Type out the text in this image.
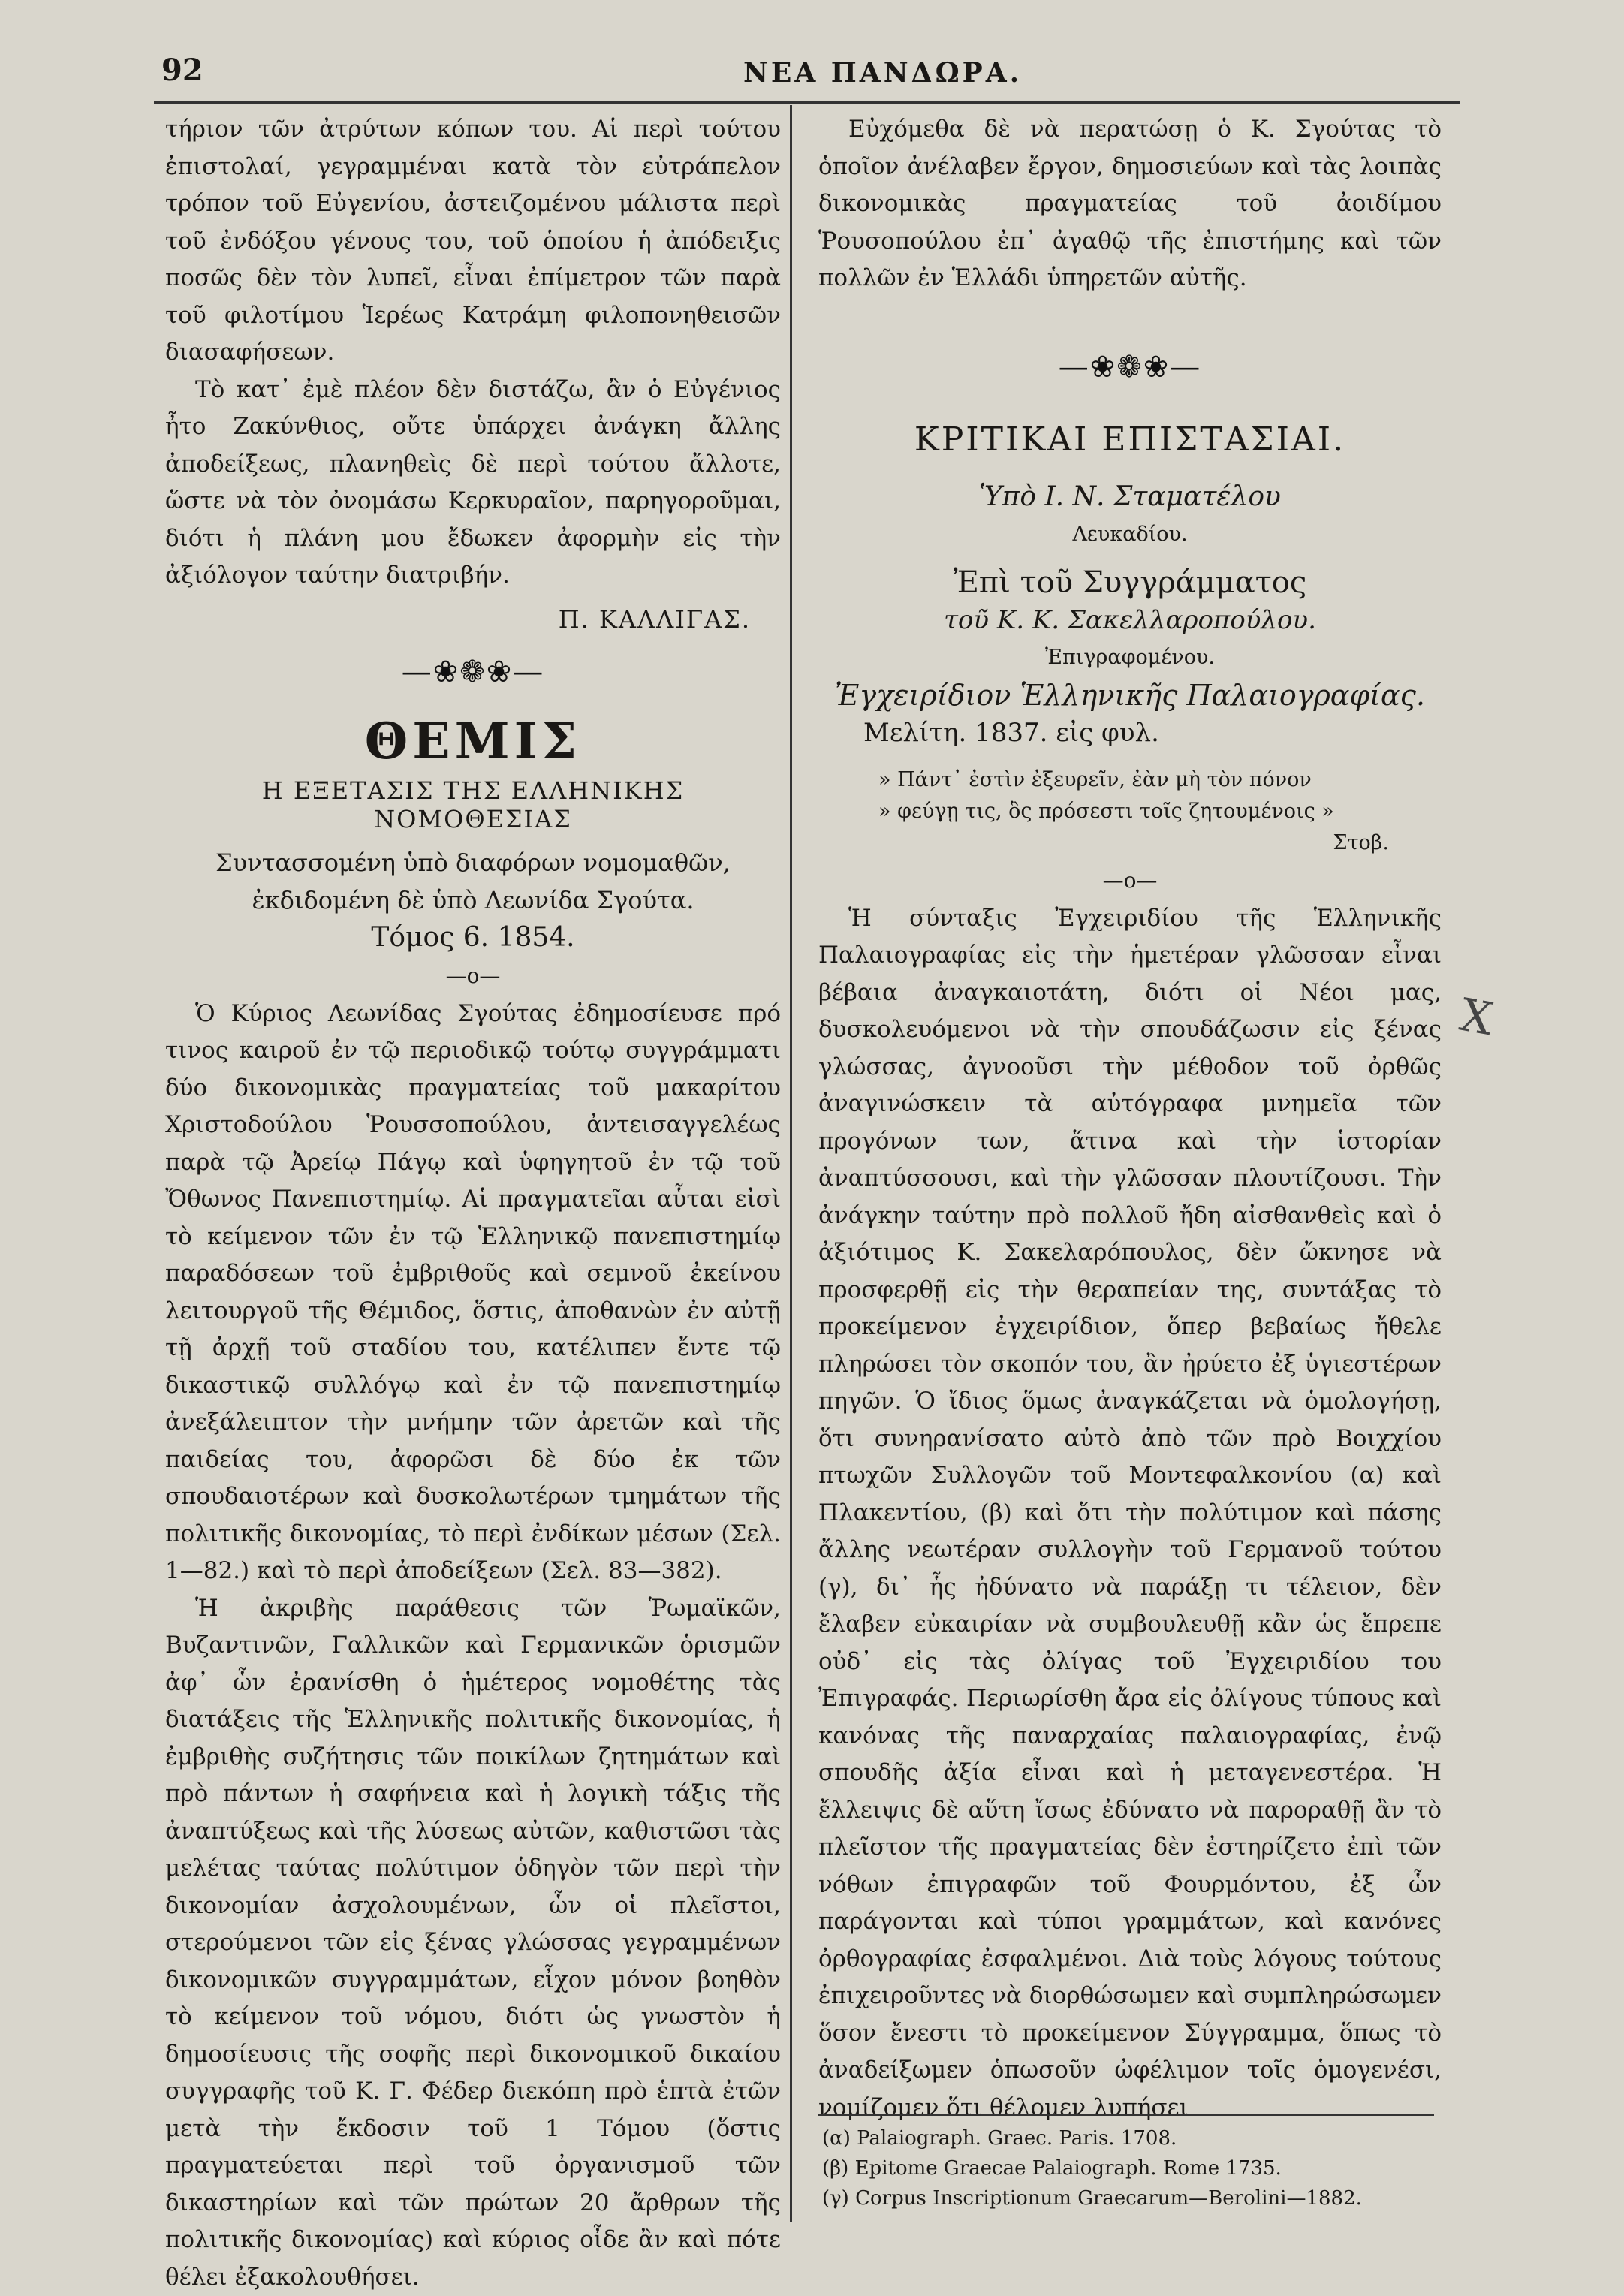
92	ΝΕΑ ΠΑΝΔΩΡΑ.

τήριον τῶν ἀτρύτων κόπων του. Αἱ περὶ τούτου ἐπιστολαί, γεγραμμέναι κατὰ τὸν εὐτράπελον τρόπον τοῦ Εὐγενίου, ἀστειζομένου μάλιστα περὶ τοῦ ἐνδόξου γένους του, τοῦ ὁποίου ἡ ἀπόδειξις ποσῶς δὲν τὸν λυπεῖ, εἶναι ἐπίμετρον τῶν παρὰ τοῦ φιλοτίμου Ἱερέως Κατράμη φιλοπονηθεισῶν διασαφήσεων.

Τὸ κατ᾽ ἐμὲ πλέον δὲν διστάζω, ἂν ὁ Εὐγένιος ἦτο Ζακύνθιος, οὔτε ὑπάρχει ἀνάγκη ἄλλης ἀποδείξεως, πλανηθεὶς δὲ περὶ τούτου ἄλλοτε, ὥστε νὰ τὸν ὀνομάσω Κερκυραῖον, παρηγοροῦμαι, διότι ἡ πλάνη μου ἔδωκεν ἀφορμὴν εἰς τὴν ἀξιόλογον ταύτην διατριβήν.

Π. ΚΑΛΛΙΓΑΣ.
—❀❁❀—
ΘΕΜΙΣ
Η ΕΞΕΤΑΣΙΣ ΤΗΣ ΕΛΛΗΝΙΚΗΣ ΝΟΜΟΘΕΣΙΑΣ
Συντασσομένη ὑπὸ διαφόρων νομομαθῶν,
ἐκδιδομένη δὲ ὑπὸ Λεωνίδα Σγούτα.
Τόμος 6. 1854.
—o—

Ὁ Κύριος Λεωνίδας Σγούτας ἐδημοσίευσε πρό τινος καιροῦ ἐν τῷ περιοδικῷ τούτῳ συγγράμματι δύο δικονομικὰς πραγματείας τοῦ μακαρίτου Χριστοδούλου Ῥουσσοπούλου, ἀντεισαγγελέως παρὰ τῷ Ἀρείῳ Πάγῳ καὶ ὑφηγητοῦ ἐν τῷ τοῦ Ὄθωνος Πανεπιστημίῳ. Αἱ πραγματεῖαι αὗται εἰσὶ τὸ κείμενον τῶν ἐν τῷ Ἑλληνικῷ πανεπιστημίῳ παραδόσεων τοῦ ἐμβριθοῦς καὶ σεμνοῦ ἐκείνου λειτουργοῦ τῆς Θέμιδος, ὅστις, ἀποθανὼν ἐν αὐτῇ τῇ ἀρχῇ τοῦ σταδίου του, κατέλιπεν ἔντε τῷ δικαστικῷ συλλόγῳ καὶ ἐν τῷ πανεπιστημίῳ ἀνεξάλειπτον τὴν μνήμην τῶν ἀρετῶν καὶ τῆς παιδείας του, ἀφορῶσι δὲ δύο ἐκ τῶν σπουδαιοτέρων καὶ δυσκολωτέρων τμημάτων τῆς πολιτικῆς δικονομίας, τὸ περὶ ἐνδίκων μέσων (Σελ. 1—82.) καὶ τὸ περὶ ἀποδείξεων (Σελ. 83—382).

Ἡ ἀκριβὴς παράθεσις τῶν Ῥωμαϊκῶν, Βυζαντινῶν, Γαλλικῶν καὶ Γερμανικῶν ὁρισμῶν ἀφ᾽ ὧν ἐρανίσθη ὁ ἡμέτερος νομοθέτης τὰς διατάξεις τῆς Ἑλληνικῆς πολιτικῆς δικονομίας, ἡ ἐμβριθὴς συζήτησις τῶν ποικίλων ζητημάτων καὶ πρὸ πάντων ἡ σαφήνεια καὶ ἡ λογικὴ τάξις τῆς ἀναπτύξεως καὶ τῆς λύσεως αὐτῶν, καθιστῶσι τὰς μελέτας ταύτας πολύτιμον ὁδηγὸν τῶν περὶ τὴν δικονομίαν ἀσχολουμένων, ὧν οἱ πλεῖστοι, στερούμενοι τῶν εἰς ξένας γλώσσας γεγραμμένων δικονομικῶν συγγραμμάτων, εἶχον μόνον βοηθὸν τὸ κείμενον τοῦ νόμου, διότι ὡς γνωστὸν ἡ δημοσίευσις τῆς σοφῆς περὶ δικονομικοῦ δικαίου συγγραφῆς τοῦ Κ. Γ. Φέδερ διεκόπη πρὸ ἑπτὰ ἐτῶν μετὰ τὴν ἔκδοσιν τοῦ 1 Τόμου (ὅστις πραγματεύεται περὶ τοῦ ὀργανισμοῦ τῶν δικαστηρίων καὶ τῶν πρώτων 20 ἄρθρων τῆς πολιτικῆς δικονομίας) καὶ κύριος οἶδε ἂν καὶ πότε θέλει ἐξακολουθήσει.

Εὐχόμεθα δὲ νὰ περατώσῃ ὁ Κ. Σγούτας τὸ ὁποῖον ἀνέλαβεν ἔργον, δημοσιεύων καὶ τὰς λοιπὰς δικονομικὰς πραγματείας τοῦ ἀοιδίμου Ῥουσοπούλου ἐπ᾽ ἀγαθῷ τῆς ἐπιστήμης καὶ τῶν πολλῶν ἐν Ἑλλάδι ὑπηρετῶν αὐτῆς.

—❀❁❀—
ΚΡΙΤΙΚΑΙ ΕΠΙΣΤΑΣΙΑΙ.
Ὑπὸ Ι. Ν. Σταματέλου
Λευκαδίου.
Ἐπὶ τοῦ Συγγράμματος
τοῦ Κ. Κ. Σακελλαροπούλου.
Ἐπιγραφομένου.
Ἐγχειρίδιον Ἑλληνικῆς Παλαιογραφίας.
Μελίτη. 1837. εἰς φυλ.
» Πάντ᾽ ἐστὶν ἐξευρεῖν, ἐὰν μὴ τὸν πόνον
» φεύγῃ τις, ὃς πρόσεστι τοῖς ζητουμένοις »
Στοβ.
—o—

Ἡ σύνταξις Ἐγχειριδίου τῆς Ἑλληνικῆς Παλαιογραφίας εἰς τὴν ἡμετέραν γλῶσσαν εἶναι βέβαια ἀναγκαιοτάτη, διότι οἱ Νέοι μας, δυσκολευόμενοι νὰ τὴν σπουδάζωσιν εἰς ξένας γλώσσας, ἀγνοοῦσι τὴν μέθοδον τοῦ ὀρθῶς ἀναγινώσκειν τὰ αὐτόγραφα μνημεῖα τῶν προγόνων των, ἅτινα καὶ τὴν ἱστορίαν ἀναπτύσσουσι, καὶ τὴν γλῶσσαν πλουτίζουσι. Τὴν ἀνάγκην ταύτην πρὸ πολλοῦ ἤδη αἰσθανθεὶς καὶ ὁ ἀξιότιμος Κ. Σακελαρόπουλος, δὲν ὤκνησε νὰ προσφερθῇ εἰς τὴν θεραπείαν της, συντάξας τὸ προκείμενον ἐγχειρίδιον, ὅπερ βεβαίως ἤθελε πληρώσει τὸν σκοπόν του, ἂν ἠρύετο ἐξ ὑγιεστέρων πηγῶν. Ὁ ἴδιος ὅμως ἀναγκάζεται νὰ ὁμολογήσῃ, ὅτι συνηρανίσατο αὐτὸ ἀπὸ τῶν πρὸ Βοιχχίου πτωχῶν Συλλογῶν τοῦ Μοντεφαλκονίου (α) καὶ Πλακεντίου, (β) καὶ ὅτι τὴν πολύτιμον καὶ πάσης ἄλλης νεωτέραν συλλογὴν τοῦ Γερμανοῦ τούτου (γ), δι᾽ ἧς ἠδύνατο νὰ παράξῃ τι τέλειον, δὲν ἔλαβεν εὐκαιρίαν νὰ συμβουλευθῇ κἂν ὡς ἔπρεπε οὐδ᾽ εἰς τὰς ὀλίγας τοῦ Ἐγχειριδίου του Ἐπιγραφάς. Περιωρίσθη ἄρα εἰς ὀλίγους τύπους καὶ κανόνας τῆς παναρχαίας παλαιογραφίας, ἐνῷ σπουδῆς ἀξία εἶναι καὶ ἡ μεταγενεστέρα. Ἡ ἔλλειψις δὲ αὕτη ἴσως ἐδύνατο νὰ παροραθῇ ἂν τὸ πλεῖστον τῆς πραγματείας δὲν ἐστηρίζετο ἐπὶ τῶν νόθων ἐπιγραφῶν τοῦ Φουρμόντου, ἐξ ὧν παράγονται καὶ τύποι γραμμάτων, καὶ κανόνες ὀρθογραφίας ἐσφαλμένοι. Διὰ τοὺς λόγους τούτους ἐπιχειροῦντες νὰ διορθώσωμεν καὶ συμπληρώσωμεν ὅσον ἔνεστι τὸ προκείμενον Σύγγραμμα, ὅπως τὸ ἀναδείξωμεν ὁπωσοῦν ὠφέλιμον τοῖς ὁμογενέσι, νομίζομεν ὅτι θέλομεν λυπήσει

(α) Palaiograph. Graec. Paris. 1708.
(β) Epitome Graecae Palaiograph. Rome 1735.
(γ) Corpus Inscriptionum Graecarum—Berolini—1882.
X
